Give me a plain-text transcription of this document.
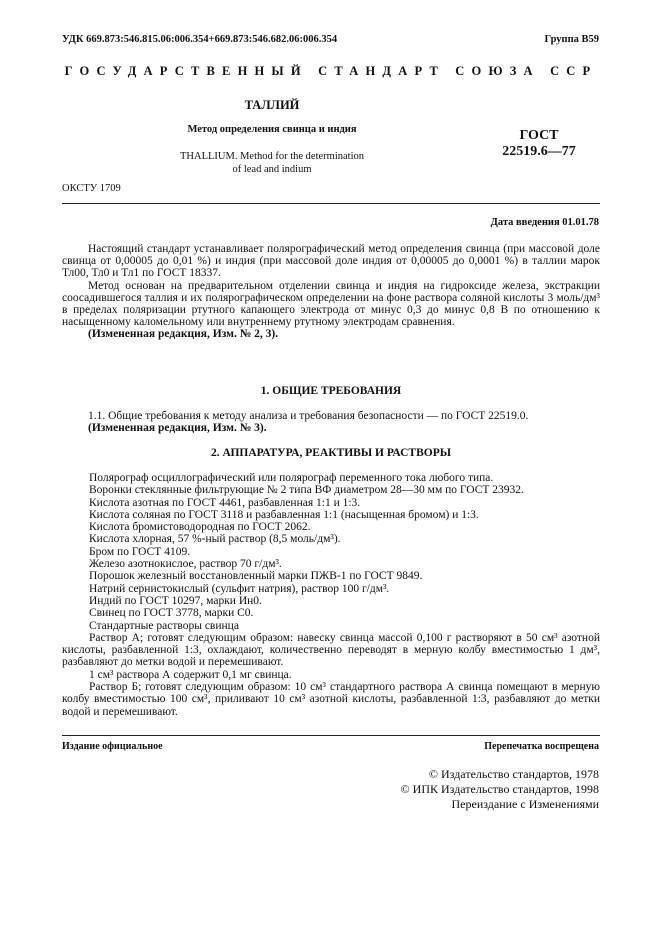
УДК 669.873:546.815.06:006.354+669.873:546.682.06:006.354	Группа В59
ГОСУДАРСТВЕННЫЙ СТАНДАРТ СОЮЗА ССР
ТАЛЛИЙ
Метод определения свинца и индия
THALLIUM. Method for the determination
of lead and indium
ГОСТ
22519.6—77
ОКСТУ 1709
Дата введения 01.01.78

Настоящий стандарт устанавливает полярографический метод определения свинца (при массовой доле свинца от 0,00005 до 0,01 %) и индия (при массовой доле индия от 0,00005 до 0,0001 %) в таллии марок Тл00, Тл0 и Тл1 по ГОСТ 18337.

Метод основан на предварительном отделении свинца и индия на гидроксиде железа, экстракции соосадившегося таллия и их полярографическом определении на фоне раствора соляной кислоты 3 моль/дм³ в пределах поляризации ртутного капающего электрода от минус 0,3 до минус 0,8 В по отношению к насыщенному каломельному или внутреннему ртутному электродам сравнения.

(Измененная редакция, Изм. № 2, 3).

1. ОБЩИЕ ТРЕБОВАНИЯ

1.1. Общие требования к методу анализа и требования безопасности — по ГОСТ 22519.0.

(Измененная редакция, Изм. № 3).

2. АППАРАТУРА, РЕАКТИВЫ И РАСТВОРЫ
Полярограф осциллографический или полярограф переменного тока любого типа.
Воронки стеклянные фильтрующие № 2 типа ВФ диаметром 28—30 мм по ГОСТ 23932.
Кислота азотная по ГОСТ 4461, разбавленная 1:1 и 1:3.
Кислота соляная по ГОСТ 3118 и разбавленная 1:1 (насыщенная бромом) и 1:3.
Кислота бромистоводородная по ГОСТ 2062.
Кислота хлорная, 57 %-ный раствор (8,5 моль/дм³).
Бром по ГОСТ 4109.
Железо азотнокислое, раствор 70 г/дм³.
Порошок железный восстановленный марки ПЖВ-1 по ГОСТ 9849.
Натрий сернистокислый (сульфит натрия), раствор 100 г/дм³.
Индий по ГОСТ 10297, марки Ин0.
Свинец по ГОСТ 3778, марки С0.
Стандартные растворы свинца
Раствор А; готовят следующим образом: навеску свинца массой 0,100 г растворяют в 50 см³ азотной кислоты, разбавленной 1:3, охлаждают, количественно переводят в мерную колбу вместимостью 1 дм³, разбавляют до метки водой и перемешивают.
1 см³ раствора А содержит 0,1 мг свинца.
Раствор Б; готовят следующим образом: 10 см³ стандартного раствора А свинца помещают в мерную колбу вместимостью 100 см³, приливают 10 см³ азотной кислоты, разбавленной 1:3, разбавляют до метки водой и перемешивают.
Издание официальное	Перепечатка воспрещена
© Издательство стандартов, 1978
© ИПК Издательство стандартов, 1998
Переиздание с Изменениями
